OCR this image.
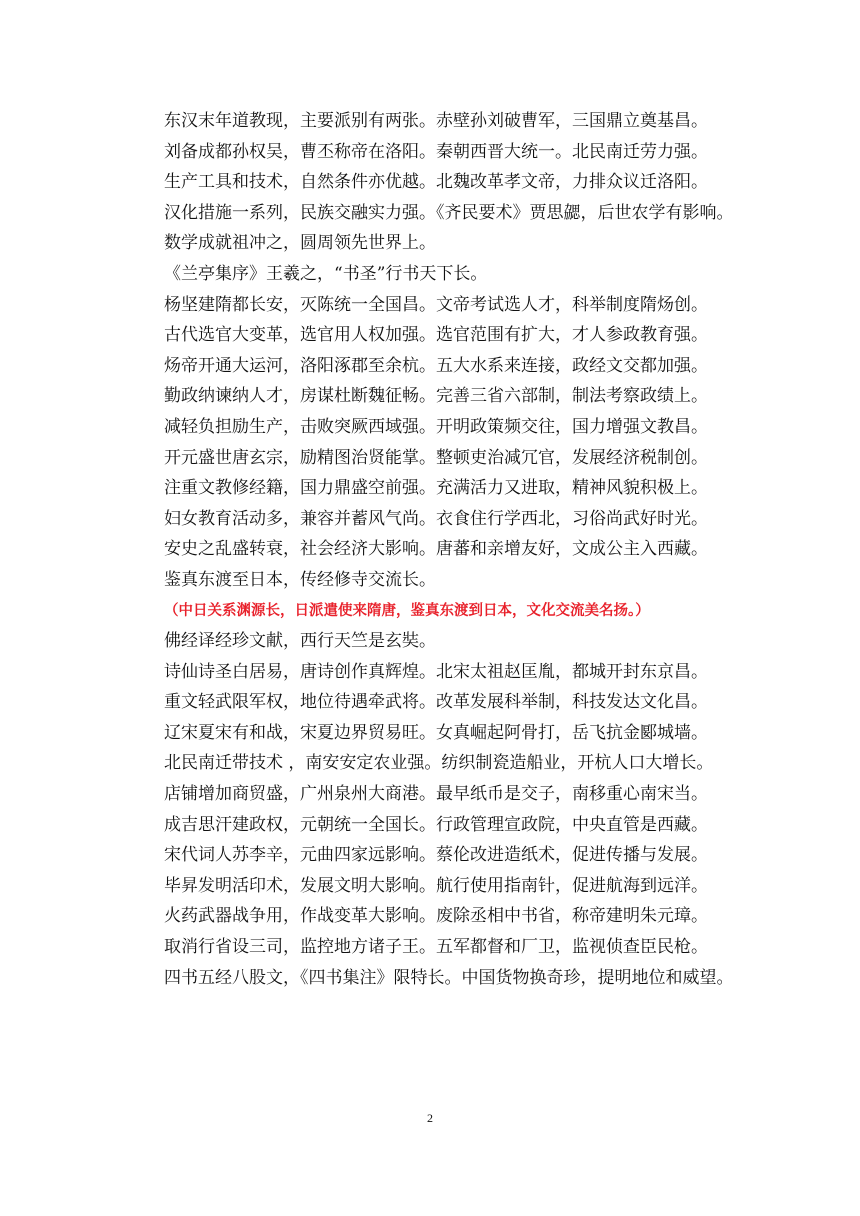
东汉末年道教现，主要派别有两张。赤壁孙刘破曹军，三国鼎立奠基昌。
刘备成都孙权吴，曹丕称帝在洛阳。秦朝西晋大统一。北民南迁劳力强。
生产工具和技术，自然条件亦优越。北魏改革孝文帝，力排众议迁洛阳。
汉化措施一系列，民族交融实力强。《齐民要术》贾思勰，后世农学有影响。
数学成就祖冲之，圆周领先世界上。
《兰亭集序》王羲之，“书圣”行书天下长。
杨坚建隋都长安，灭陈统一全国昌。文帝考试选人才，科举制度隋炀创。
古代选官大变革，选官用人权加强。选官范围有扩大，才人参政教育强。
炀帝开通大运河，洛阳涿郡至余杭。五大水系来连接，政经文交都加强。
勤政纳谏纳人才，房谋杜断魏征畅。完善三省六部制，制法考察政绩上。
减轻负担励生产，击败突厥西域强。开明政策频交往，国力增强文教昌。
开元盛世唐玄宗，励精图治贤能掌。整顿吏治减冗官，发展经济税制创。
注重文教修经籍，国力鼎盛空前强。充满活力又进取，精神风貌积极上。
妇女教育活动多，兼容并蓄风气尚。衣食住行学西北，习俗尚武好时光。
安史之乱盛转衰，社会经济大影响。唐蕃和亲增友好，文成公主入西藏。
鉴真东渡至日本，传经修寺交流长。
（中日关系渊源长，日派遣使来隋唐，鉴真东渡到日本，文化交流美名扬。）
佛经译经珍文献，西行天竺是玄奘。
诗仙诗圣白居易，唐诗创作真辉煌。北宋太祖赵匡胤，都城开封东京昌。
重文轻武限军权，地位待遇牵武将。改革发展科举制，科技发达文化昌。
辽宋夏宋有和战，宋夏边界贸易旺。女真崛起阿骨打，岳飞抗金郾城墙。
北民南迁带技术 ，南安安定农业强。纺织制瓷造船业，开杭人口大增长。
店铺增加商贸盛，广州泉州大商港。最早纸币是交子，南移重心南宋当。
成吉思汗建政权，元朝统一全国长。行政管理宣政院，中央直管是西藏。
宋代词人苏李辛，元曲四家远影响。蔡伦改进造纸术，促进传播与发展。
毕昇发明活印术，发展文明大影响。航行使用指南针，促进航海到远洋。
火药武器战争用，作战变革大影响。废除丞相中书省，称帝建明朱元璋。
取消行省设三司，监控地方诸子王。五军都督和厂卫，监视侦查臣民枪。
四书五经八股文，《四书集注》限特长。中国货物换奇珍，提明地位和威望。
2
